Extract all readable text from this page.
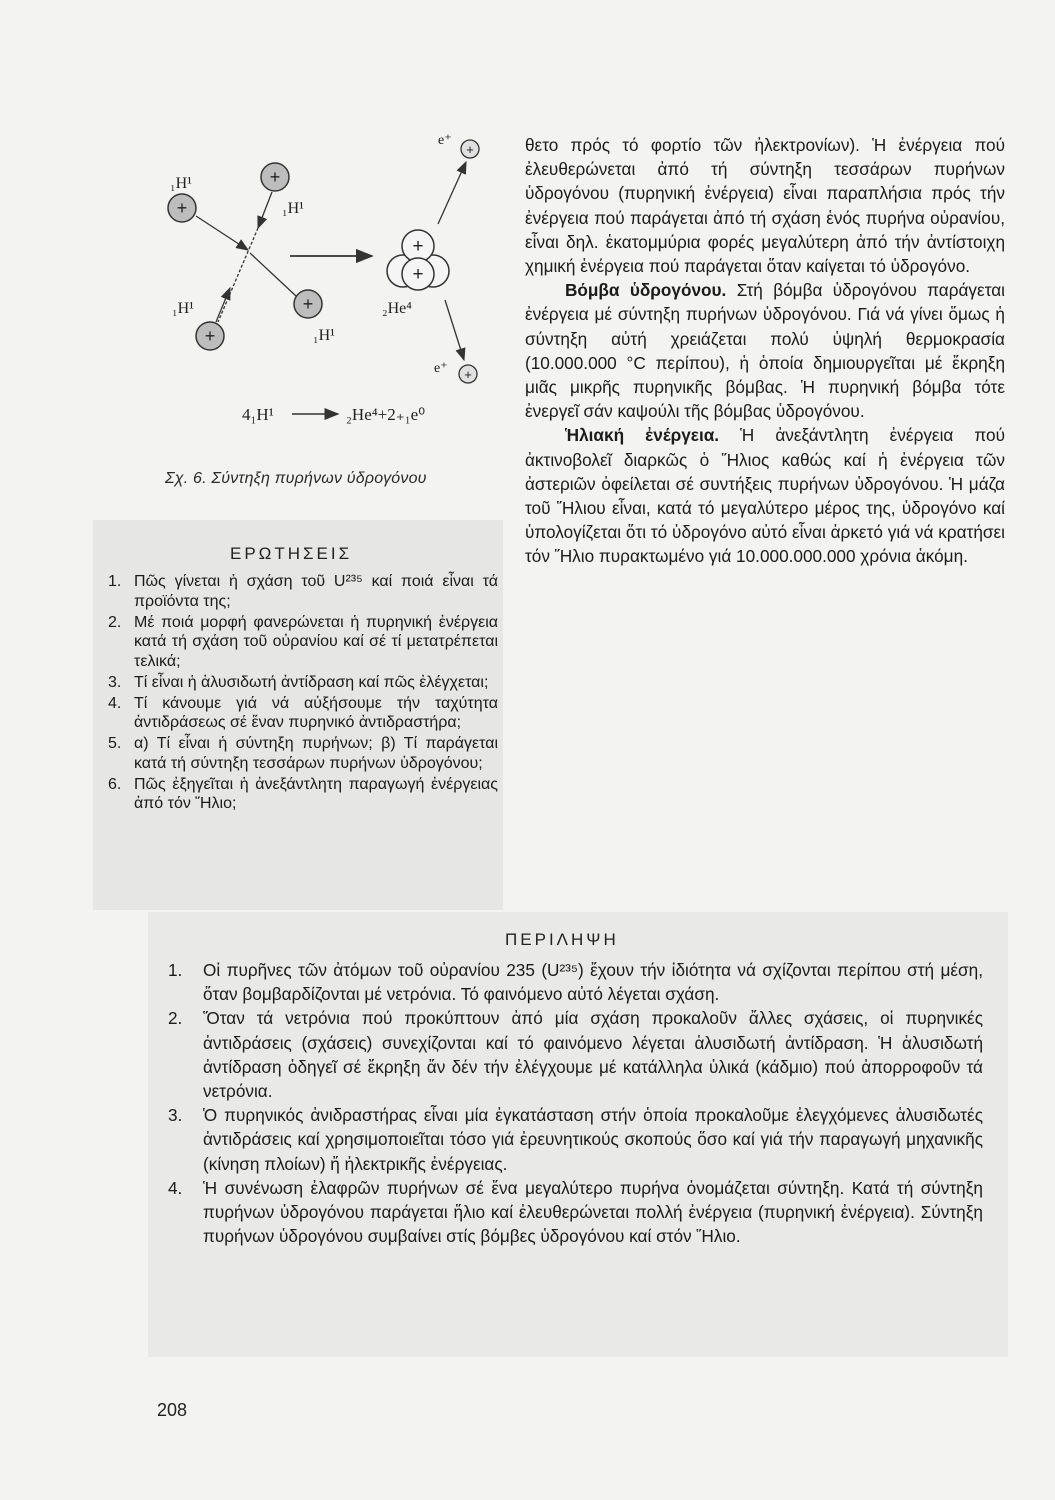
+
₁H¹	+
₁H¹
+
₁H¹	+
₁H¹
+
+
₂He⁴
+
e⁺
+
e⁺
4₁H¹	₂He⁴+2₊₁e⁰
Σχ. 6. Σύντηξη πυρήνων ύδρογόνου

θετο πρός τό φορτίο τῶν ἠλεκτρονίων). Ἡ ἐνέργεια πού ἐλευθερώνεται ἀπό τή σύντηξη τεσσάρων πυρήνων ὑδρογόνου (πυρηνική ἐνέργεια) εἶναι παραπλήσια πρός τήν ἐνέργεια πού παράγεται ἀπό τή σχάση ἑνός πυρήνα οὐρανίου, εἶναι δηλ. ἑκατομμύρια φορές μεγαλύτερη ἀπό τήν ἀντίστοιχη χημική ἐνέργεια πού παράγεται ὅταν καίγεται τό ὑδρογόνο.

Βόμβα ὑδρογόνου. Στή βόμβα ὑδρογόνου παράγεται ἐνέργεια μέ σύντηξη πυρήνων ὑδρογόνου. Γιά νά γίνει ὅμως ἡ σύντηξη αὐτή χρειάζεται πολύ ὑψηλή θερμοκρασία (10.000.000 °C περίπου), ἡ ὁποία δημιουργεῖται μέ ἔκρηξη μιᾶς μικρῆς πυρηνικῆς βόμβας. Ἡ πυρηνική βόμβα τότε ἐνεργεῖ σάν καψούλι τῆς βόμβας ὑδρογόνου.

Ἡλιακή ἐνέργεια. Ἡ ἀνεξάντλητη ἐνέργεια πού ἀκτινοβολεῖ διαρκῶς ὁ Ἥλιος καθώς καί ἡ ἐνέργεια τῶν ἀστεριῶν ὀφείλεται σέ συντήξεις πυρήνων ὑδρογόνου. Ἡ μάζα τοῦ Ἥλιου εἶναι, κατά τό μεγαλύτερο μέρος της, ὑδρογόνο καί ὑπολογίζεται ὅτι τό ὑδρογόνο αὐτό εἶναι ἀρκετό γιά νά κρατήσει τόν Ἥλιο πυρακτωμένο γιά 10.000.000.000 χρόνια ἀκόμη.

ΕΡΩΤΗΣΕΙΣ
1. Πῶς γίνεται ἡ σχάση τοῦ U²³⁵ καί ποιά εἶναι τά προϊόντα της;
2. Μέ ποιά μορφή φανερώνεται ἡ πυρηνική ἐνέργεια κατά τή σχάση τοῦ οὐρανίου καί σέ τί μετατρέπεται τελικά;
3. Τί εἶναι ἡ ἁλυσιδωτή ἀντίδραση καί πῶς ἐλέγχεται;
4. Τί κάνουμε γιά νά αὐξήσουμε τήν ταχύτητα ἀντιδράσεως σέ ἕναν πυρηνικό ἀντιδραστήρα;
5. α) Τί εἶναι ἡ σύντηξη πυρήνων; β) Τί παράγεται κατά τή σύντηξη τεσσάρων πυρήνων ὑδρογόνου;
6. Πῶς ἐξηγεῖται ἡ ἀνεξάντλητη παραγωγή ἐνέργειας ἀπό τόν Ἥλιο;
ΠΕΡΙΛΗΨΗ
1. Οἱ πυρῆνες τῶν ἀτόμων τοῦ οὐρανίου 235 (U²³⁵) ἔχουν τήν ἰδιότητα νά σχίζονται περίπου στή μέση, ὅταν βομβαρδίζονται μέ νετρόνια. Τό φαινόμενο αὐτό λέγεται σχάση.
2. Ὅταν τά νετρόνια πού προκύπτουν ἀπό μία σχάση προκαλοῦν ἄλλες σχάσεις, οἱ πυρηνικές ἀντιδράσεις (σχάσεις) συνεχίζονται καί τό φαινόμενο λέγεται ἁλυσιδωτή ἀντίδραση. Ἡ ἁλυσιδωτή ἀντίδραση ὁδηγεῖ σέ ἔκρηξη ἄν δέν τήν ἐλέγχουμε μέ κατάλληλα ὑλικά (κάδμιο) πού ἀπορροφοῦν τά νετρόνια.
3. Ὁ πυρηνικός ἀνιδραστήρας εἶναι μία ἐγκατάσταση στήν ὁποία προκαλοῦμε ἐλεγχόμενες ἁλυσιδωτές ἀντιδράσεις καί χρησιμοποιεῖται τόσο γιά ἐρευνητικούς σκοπούς ὅσο καί γιά τήν παραγωγή μηχανικῆς (κίνηση πλοίων) ἤ ἠλεκτρικῆς ἐνέργειας.
4. Ἡ συνένωση ἐλαφρῶν πυρήνων σέ ἕνα μεγαλύτερο πυρήνα ὀνομάζεται σύντηξη. Κατά τή σύντηξη πυρήνων ὑδρογόνου παράγεται ἥλιο καί ἐλευθερώνεται πολλή ἐνέργεια (πυρηνική ἐνέργεια). Σύντηξη πυρήνων ὑδρογόνου συμβαίνει στίς βόμβες ὑδρογόνου καί στόν Ἥλιο.
208
